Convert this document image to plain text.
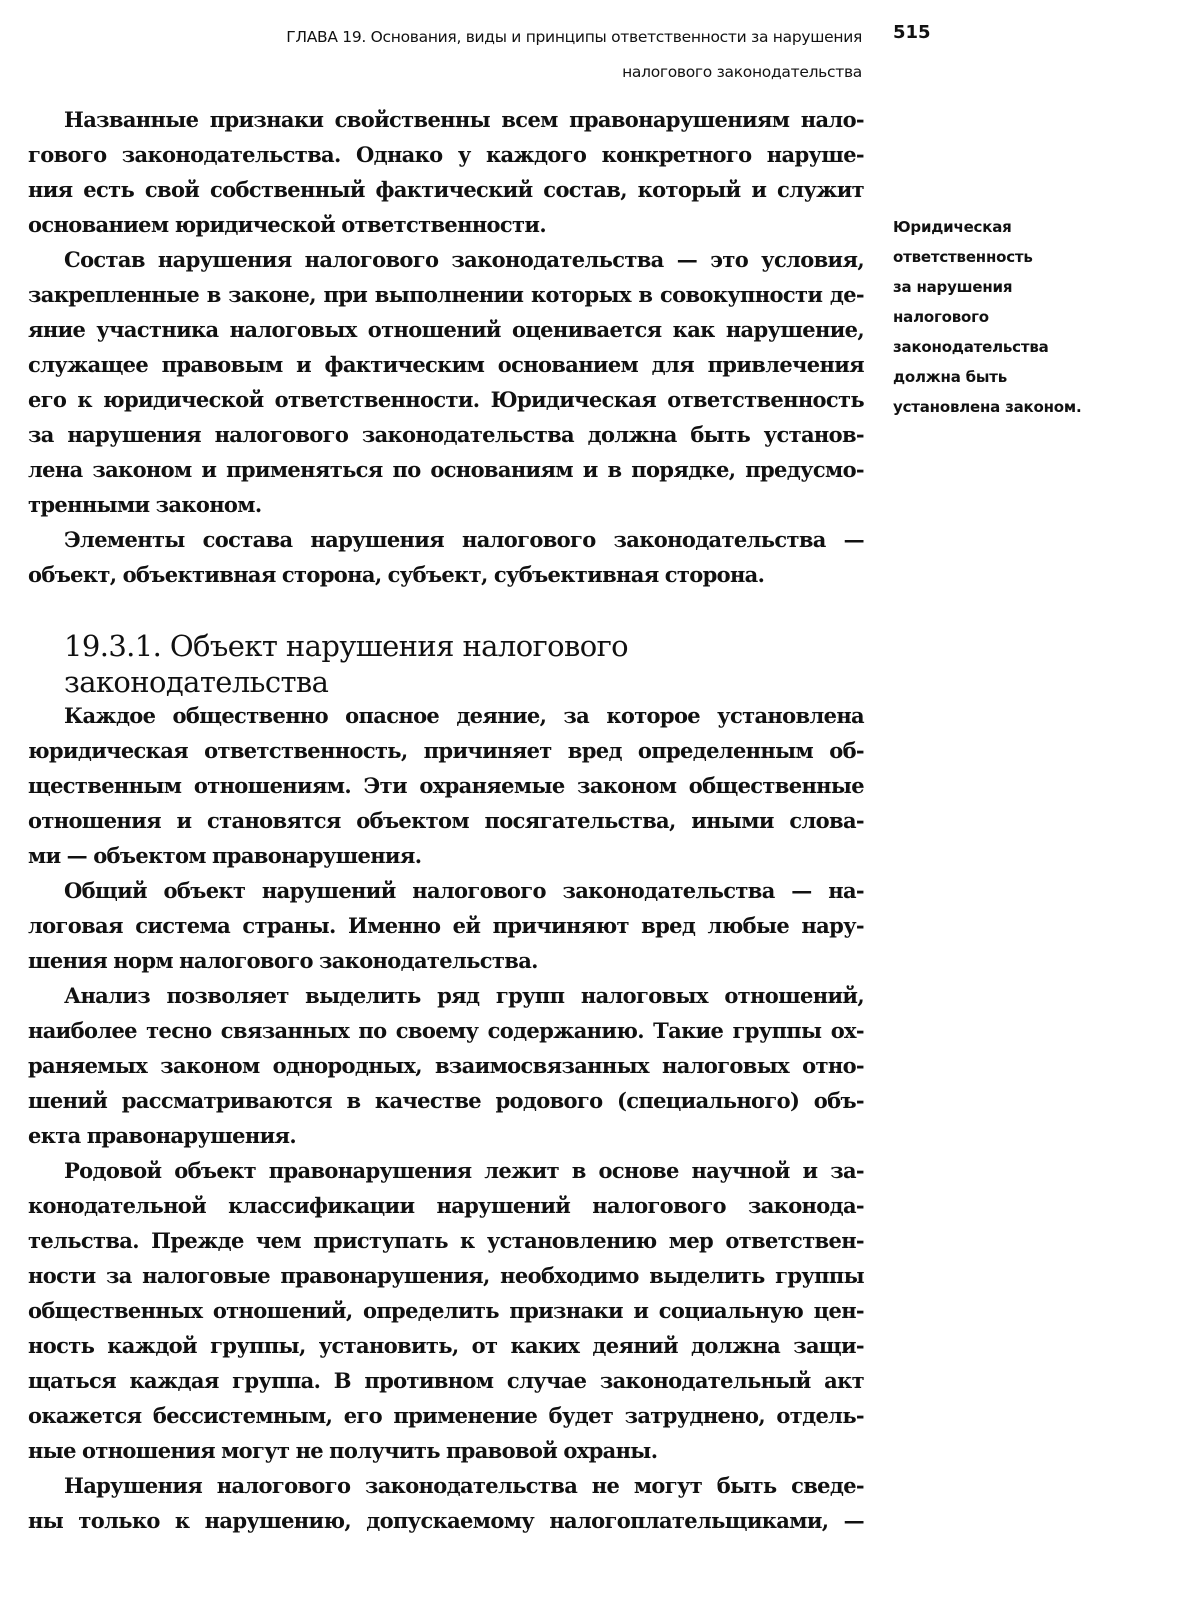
ГЛАВА 19. Основания, виды и принципы ответственности за нарушения
налогового законодательства
515
Юридическая
ответственность
за нарушения
налогового
законодательства
должна быть
установлена законом.
Названные признаки свойственны всем правонарушениям нало-
гового законодательства. Однако у каждого конкретного наруше-
ния есть свой собственный фактический состав, который и служит
основанием юридической ответственности.
Состав нарушения налогового законодательства — это условия,
закрепленные в законе, при выполнении которых в совокупности де-
яние участника налоговых отношений оценивается как нарушение,
служащее правовым и фактическим основанием для привлечения
его к юридической ответственности. Юридическая ответственность
за нарушения налогового законодательства должна быть установ-
лена законом и применяться по основаниям и в порядке, предусмо-
тренными законом.
Элементы состава нарушения налогового законодательства —
объект, объективная сторона, субъект, субъективная сторона.
19.3.1. Объект нарушения налогового
законодательства
Каждое общественно опасное деяние, за которое установлена
юридическая ответственность, причиняет вред определенным об-
щественным отношениям. Эти охраняемые законом общественные
отношения и становятся объектом посягательства, иными слова-
ми — объектом правонарушения.
Общий объект нарушений налогового законодательства — на-
логовая система страны. Именно ей причиняют вред любые нару-
шения норм налогового законодательства.
Анализ позволяет выделить ряд групп налоговых отношений,
наиболее тесно связанных по своему содержанию. Такие группы ох-
раняемых законом однородных, взаимосвязанных налоговых отно-
шений рассматриваются в качестве родового (специального) объ-
екта правонарушения.
Родовой объект правонарушения лежит в основе научной и за-
конодательной классификации нарушений налогового законода-
тельства. Прежде чем приступать к установлению мер ответствен-
ности за налоговые правонарушения, необходимо выделить группы
общественных отношений, определить признаки и социальную цен-
ность каждой группы, установить, от каких деяний должна защи-
щаться каждая группа. В противном случае законодательный акт
окажется бессистемным, его применение будет затруднено, отдель-
ные отношения могут не получить правовой охраны.
Нарушения налогового законодательства не могут быть сведе-
ны только к нарушению, допускаемому налогоплательщиками, —
